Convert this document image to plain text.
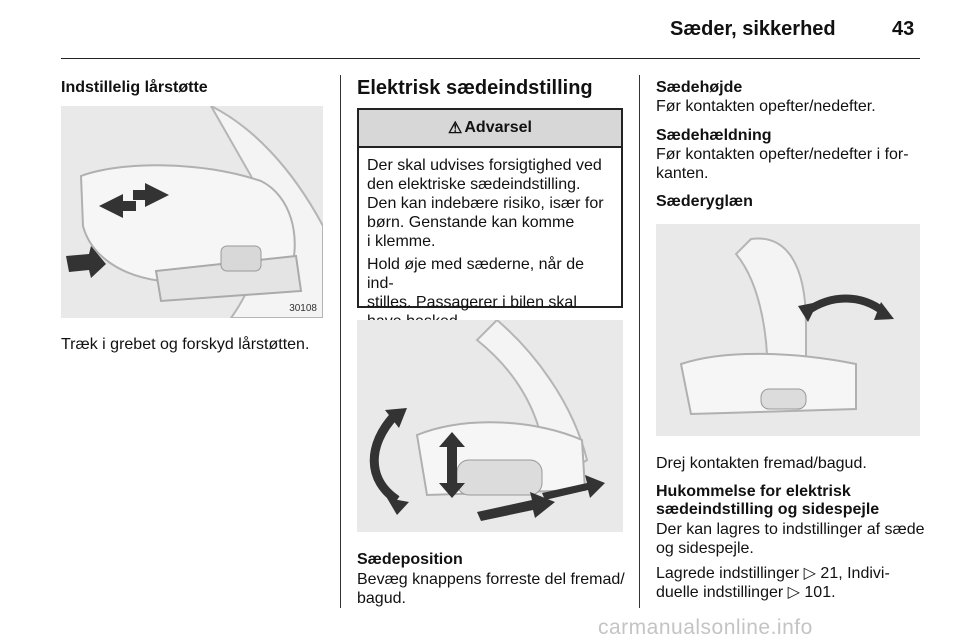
Sæder, sikkerhed	43
Indstillelig lårstøtte
30108
Træk i grebet og forskyd lårstøtten.
Elektrisk sædeindstilling
⚠ Advarsel

Der skal udvises forsigtighed ved
den elektriske sædeindstilling.
Den kan indebære risiko, især for
børn. Genstande kan komme
i klemme.

Hold øje med sæderne, når de ind-
stilles. Passagerer i bilen skal

Sædeposition
Bevæg knappens forreste del fremad/
bagud.
Sædehøjde
Før kontakten opefter/nedefter.
Sædehældning
Før kontakten opefter/nedefter i for-
kanten.
Sæderyglæn
Drej kontakten fremad/bagud.
Hukommelse for elektrisk
sædeindstilling og sidespejle
Der kan lagres to indstillinger af sæde
og sidespejle.
Lagrede indstillinger ▷ 21, Indivi-
duelle indstillinger ▷ 101.
carmanualsonline.info
